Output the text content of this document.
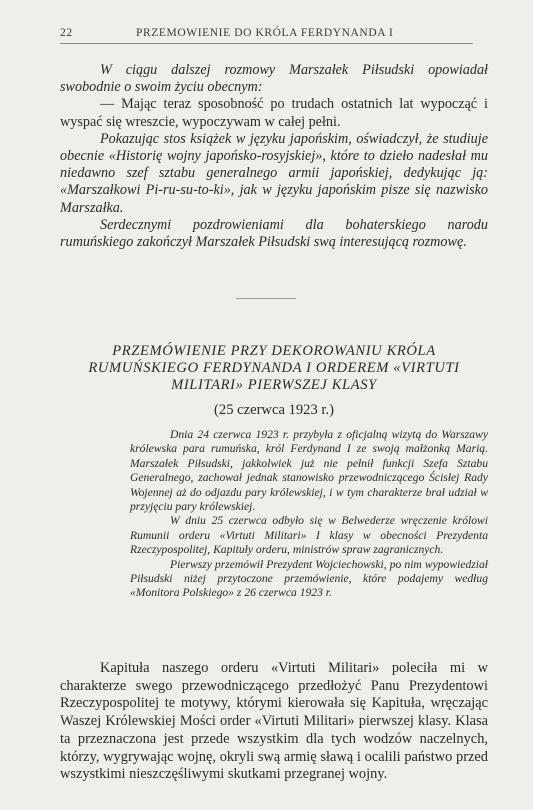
22	PRZEMOWIENIE DO KRÓLA FERDYNANDA I

W ciągu dalszej rozmowy Marszałek Piłsudski opowiadał swobodnie o swoim życiu obecnym:

— Mając teraz sposobność po trudach ostatnich lat wypocząć i wyspać się wreszcie, wypoczywam w całej pełni.

Pokazując stos książek w języku japońskim, oświadczył, że studiuje obecnie «Historię wojny japońsko-rosyjskiej», które to dzieło nadesłał mu niedawno szef sztabu generalnego armii japońskiej, dedykując ją: «Marszałkowi Pi-ru-su-to-ki», jak w języku japońskim pisze się nazwisko Marszałka.

Serdecznymi pozdrowieniami dla bohaterskiego narodu rumuńskiego zakończył Marszałek Piłsudski swą interesującą rozmowę.

PRZEMÓWIENIE PRZY DEKOROWANIU KRÓLA RUMUŃSKIEGO FERDYNANDA I ORDEREM «VIRTUTI MILITARI» PIERWSZEJ KLASY
(25 czerwca 1923 r.)

Dnia 24 czerwca 1923 r. przybyła z oficjalną wizytą do Warszawy królewska para rumuńska, król Ferdynand I ze swoją małżonką Marią. Marszałek Piłsudski, jakkolwiek już nie pełnił funkcji Szefa Sztabu Generalnego, zachował jednak stanowisko przewodniczącego Ścisłej Rady Wojennej aż do odjazdu pary królewskiej, i w tym charakterze brał udział w przyjęciu pary królewskiej.

W dniu 25 czerwca odbyło się w Belwederze wręczenie królowi Rumunii orderu «Virtuti Militari» I klasy w obecności Prezydenta Rzeczypospolitej, Kapituły orderu, ministrów spraw zagranicznych.

Pierwszy przemówił Prezydent Wojciechowski, po nim wypowiedział Piłsudski niżej przytoczone przemówienie, które podajemy według «Monitora Polskiego» z 26 czerwca 1923 r.

Kapituła naszego orderu «Virtuti Militari» poleciła mi w charakterze swego przewodniczącego przedłożyć Panu Prezydentowi Rzeczypospolitej te motywy, którymi kierowała się Kapituła, wręczając Waszej Królewskiej Mości order «Virtuti Militari» pierwszej klasy. Klasa ta przeznaczona jest przede wszystkim dla tych wodzów naczelnych, którzy, wygrywając wojnę, okryli swą armię sławą i ocalili państwo przed wszystkimi nieszczęśliwymi skutkami przegranej wojny.
